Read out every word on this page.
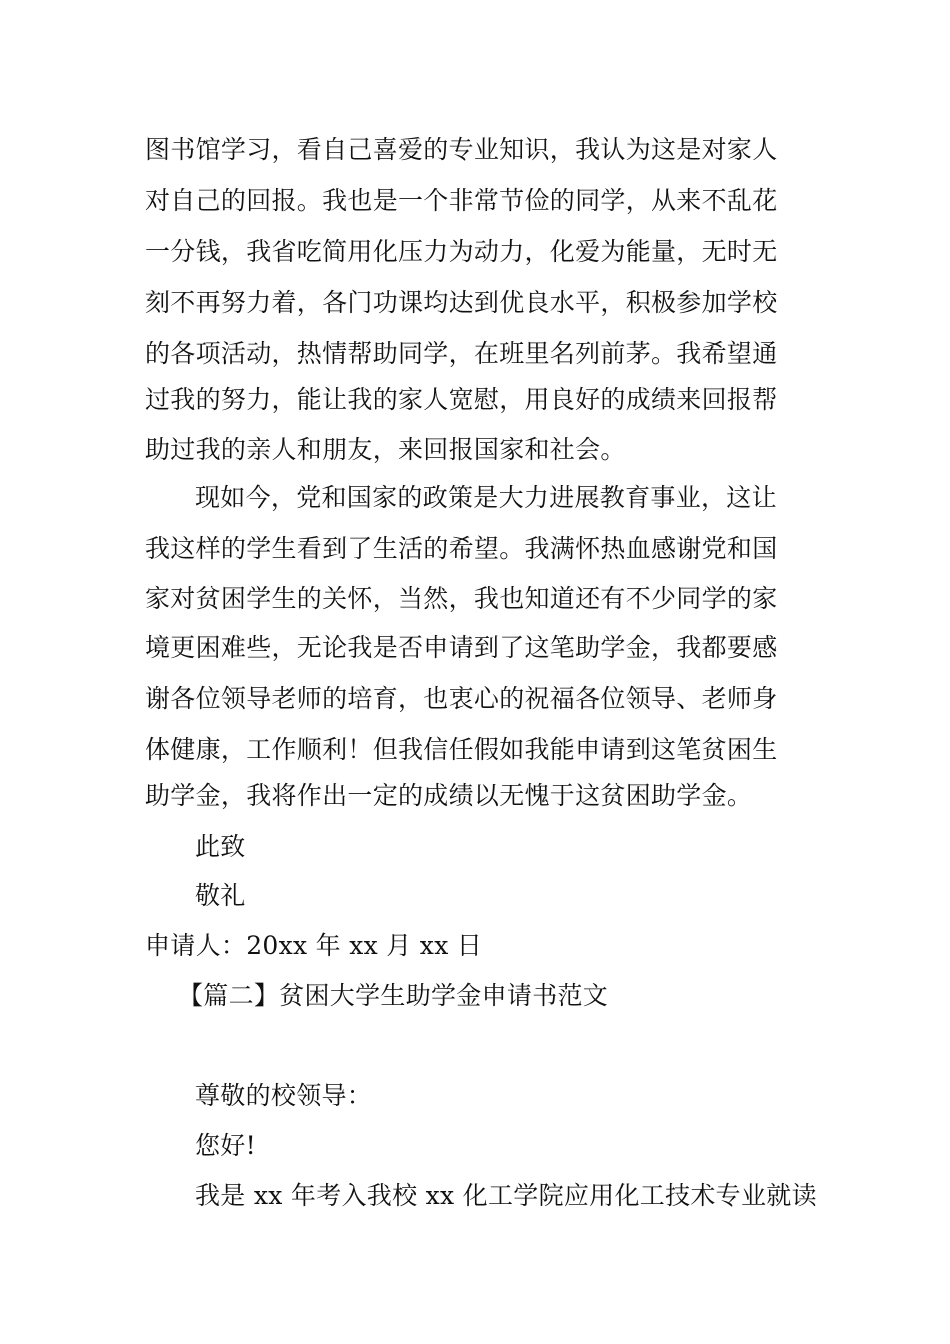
图书馆学习，看自己喜爱的专业知识，我认为这是对家人
对自己的回报。我也是一个非常节俭的同学，从来不乱花
一分钱，我省吃简用化压力为动力，化爱为能量，无时无
刻不再努力着，各门功课均达到优良水平，积极参加学校
的各项活动，热情帮助同学，在班里名列前茅。我希望通
过我的努力，能让我的家人宽慰，用良好的成绩来回报帮
助过我的亲人和朋友，来回报国家和社会。
现如今，党和国家的政策是大力进展教育事业，这让
我这样的学生看到了生活的希望。我满怀热血感谢党和国
家对贫困学生的关怀，当然，我也知道还有不少同学的家
境更困难些，无论我是否申请到了这笔助学金，我都要感
谢各位领导老师的培育，也衷心的祝福各位领导、老师身
体健康，工作顺利！但我信任假如我能申请到这笔贫困生
助学金，我将作出一定的成绩以无愧于这贫困助学金。
此致
敬礼
申请人：20xx 年 xx 月 xx 日
【篇二】贫困大学生助学金申请书范文
尊敬的校领导：
您好!
我是 xx 年考入我校 xx 化工学院应用化工技术专业就读
